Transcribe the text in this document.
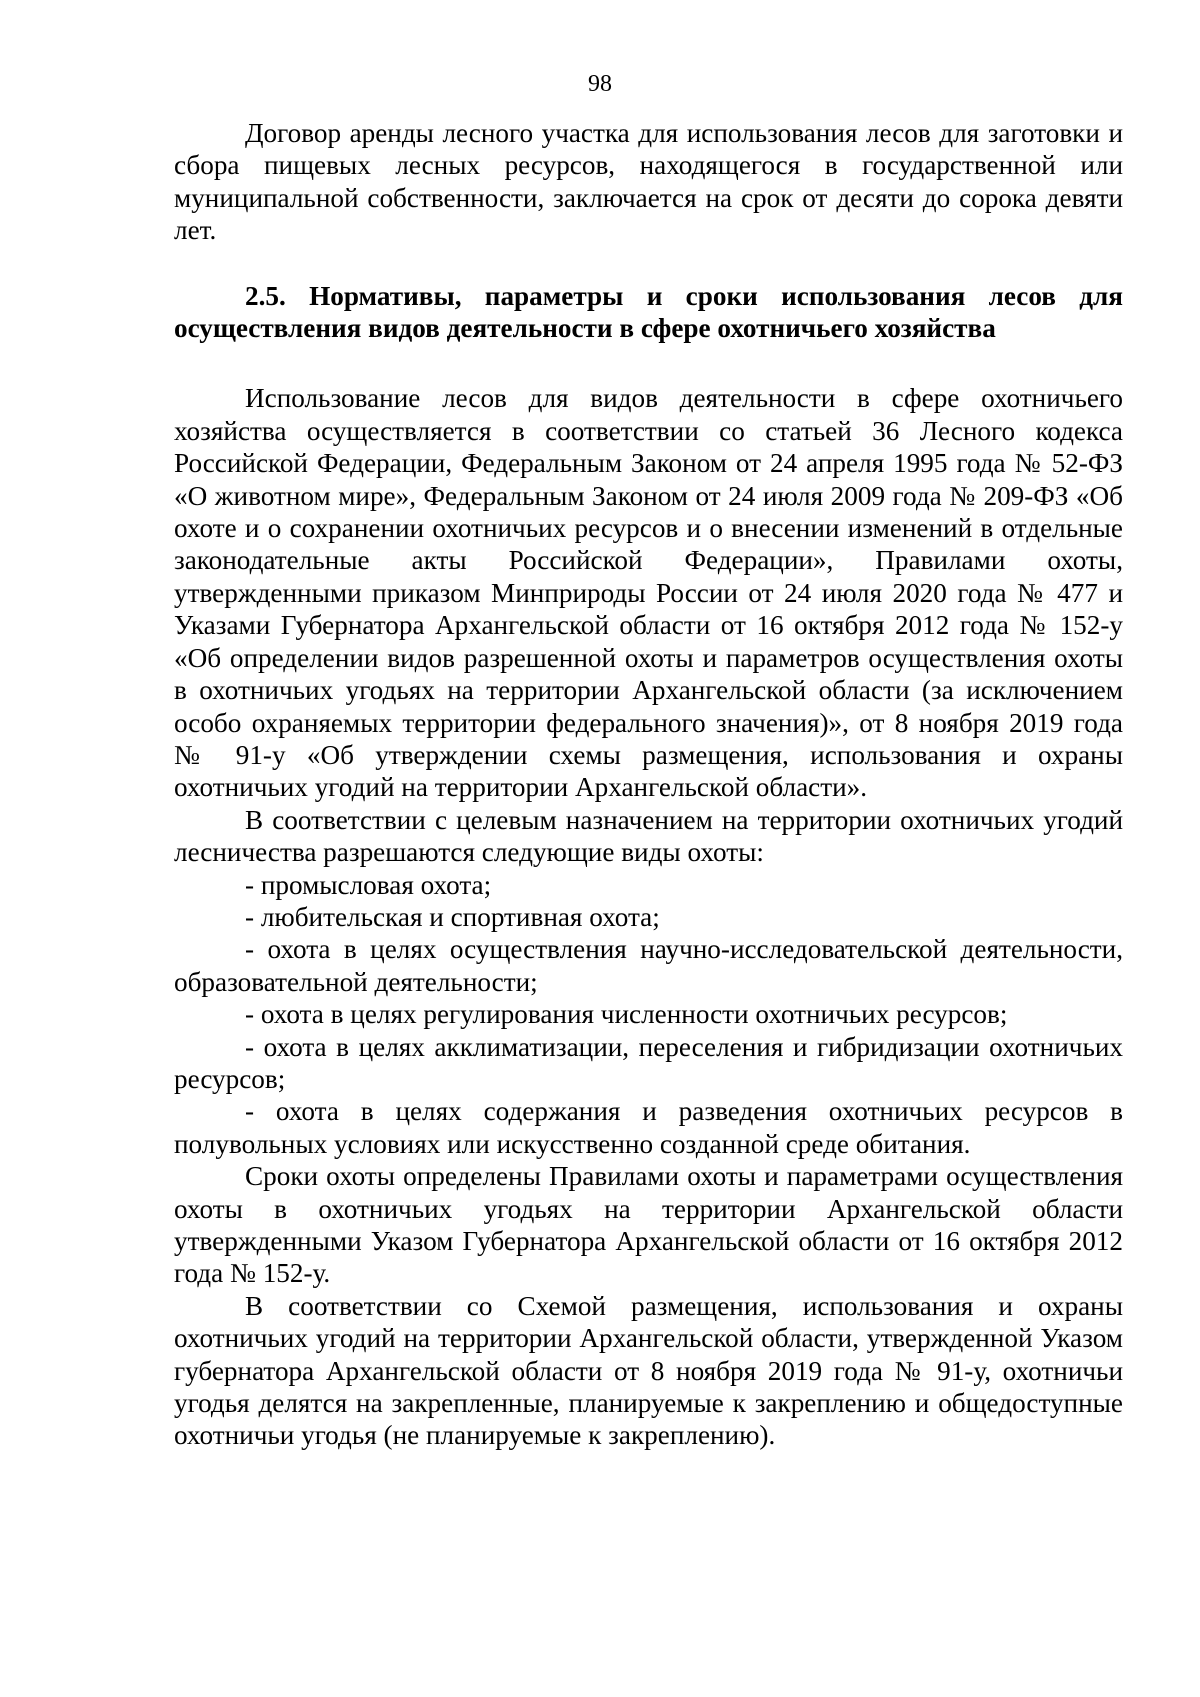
98

Договор аренды лесного участка для использования лесов для заготовки и сбора пищевых лесных ресурсов, находящегося в государственной или муниципальной собственности, заключается на срок от десяти до сорока девяти лет.

2.5. Нормативы, параметры и сроки использования лесов для осуществления видов деятельности в сфере охотничьего хозяйства

Использование лесов для видов деятельности в сфере охотничьего хозяйства осуществляется в соответствии со статьей 36 Лесного кодекса Российской Федерации, Федеральным Законом от 24 апреля 1995 года № 52-ФЗ «О животном мире», Федеральным Законом от 24 июля 2009 года № 209-ФЗ «Об охоте и о сохранении охотничьих ресурсов и о внесении изменений в отдельные законодательные акты Российской Федерации», Правилами охоты, утвержденными приказом Минприроды России от 24 июля 2020 года № 477 и Указами Губернатора Архангельской области от 16 октября 2012 года № 152-у «Об определении видов разрешенной охоты и параметров осуществления охоты в охотничьих угодьях на территории Архангельской области (за исключением особо охраняемых территории федерального значения)», от 8 ноября 2019 года № 91-у «Об утверждении схемы размещения, использования и охраны охотничьих угодий на территории Архангельской области».

В соответствии с целевым назначением на территории охотничьих угодий лесничества разрешаются следующие виды охоты:

- промысловая охота;

- любительская и спортивная охота;

- охота в целях осуществления научно-исследовательской деятельности, образовательной деятельности;

- охота в целях регулирования численности охотничьих ресурсов;

- охота в целях акклиматизации, переселения и гибридизации охотничьих ресурсов;

- охота в целях содержания и разведения охотничьих ресурсов в полувольных условиях или искусственно созданной среде обитания.

Сроки охоты определены Правилами охоты и параметрами осуществления охоты в охотничьих угодьях на территории Архангельской области утвержденными Указом Губернатора Архангельской области от 16 октября 2012 года № 152-у.

В соответствии со Схемой размещения, использования и охраны охотничьих угодий на территории Архангельской области, утвержденной Указом губернатора Архангельской области от 8 ноября 2019 года № 91-у, охотничьи угодья делятся на закрепленные, планируемые к закреплению и общедоступные охотничьи угодья (не планируемые к закреплению).
